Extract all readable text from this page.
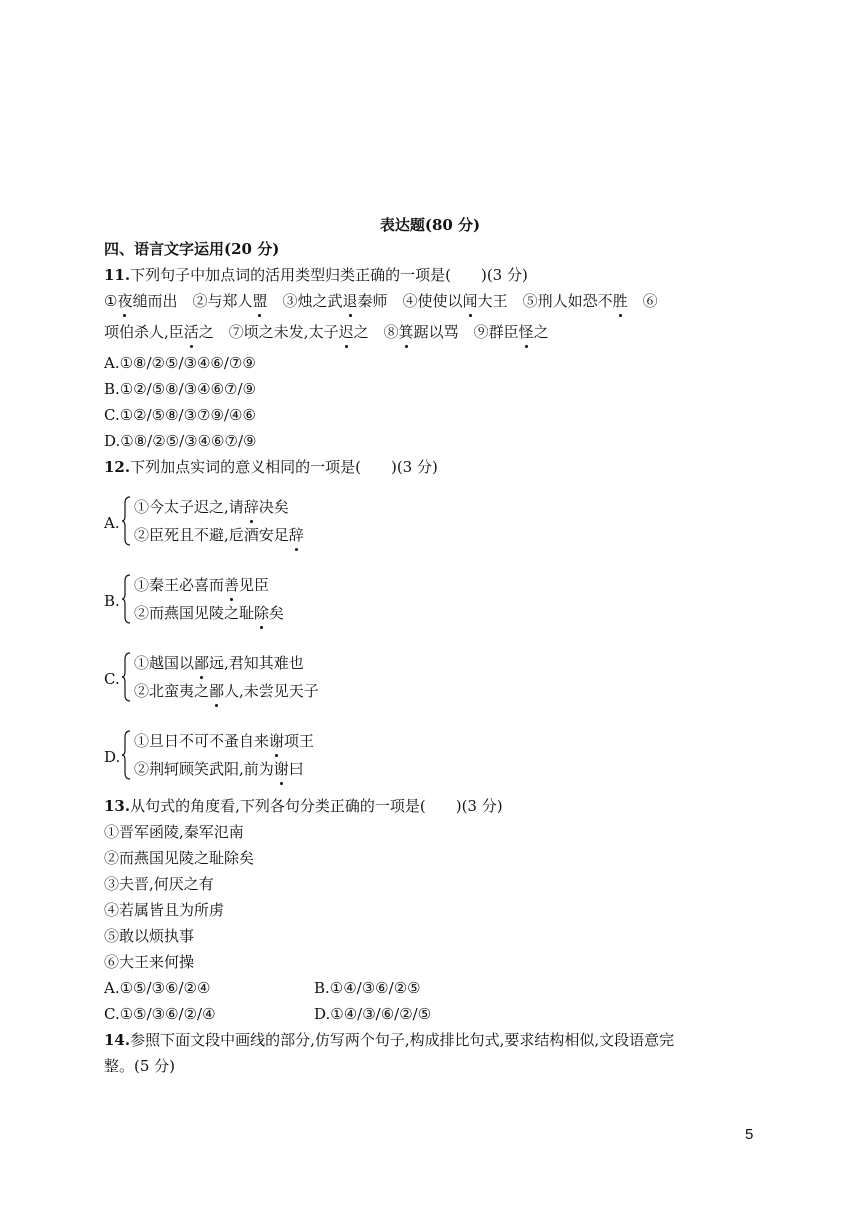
表达题(80 分)
四、语言文字运用(20 分)
11.下列句子中加点词的活用类型归类正确的一项是(　　)(3 分)
①夜缒而出　②与郑人盟　③烛之武退秦师　④使使以闻大王　⑤刑人如恐不胜　⑥
项伯杀人,臣活之　⑦顷之未发,太子迟之　⑧箕踞以骂　⑨群臣怪之
A.①⑧/②⑤/③④⑥/⑦⑨
B.①②/⑤⑧/③④⑥⑦/⑨
C.①②/⑤⑧/③⑦⑨/④⑥
D.①⑧/②⑤/③④⑥⑦/⑨
12.下列加点实词的意义相同的一项是(　　)(3 分)
A.
①今太子迟之,请辞决矣
②臣死且不避,卮酒安足辞
B.
①秦王必喜而善见臣
②而燕国见陵之耻除矣
C.
①越国以鄙远,君知其难也
②北蛮夷之鄙人,未尝见天子
D.
①旦日不可不蚤自来谢项王
②荆轲顾笑武阳,前为谢曰
13.从句式的角度看,下列各句分类正确的一项是(　　)(3 分)
①晋军函陵,秦军氾南
②而燕国见陵之耻除矣
③夫晋,何厌之有
④若属皆且为所虏
⑤敢以烦执事
⑥大王来何操
A.①⑤/③⑥/②④	B.①④/③⑥/②⑤
C.①⑤/③⑥/②/④	D.①④/③/⑥/②/⑤
14.参照下面文段中画线的部分,仿写两个句子,构成排比句式,要求结构相似,文段语意完
整。(5 分)
5
